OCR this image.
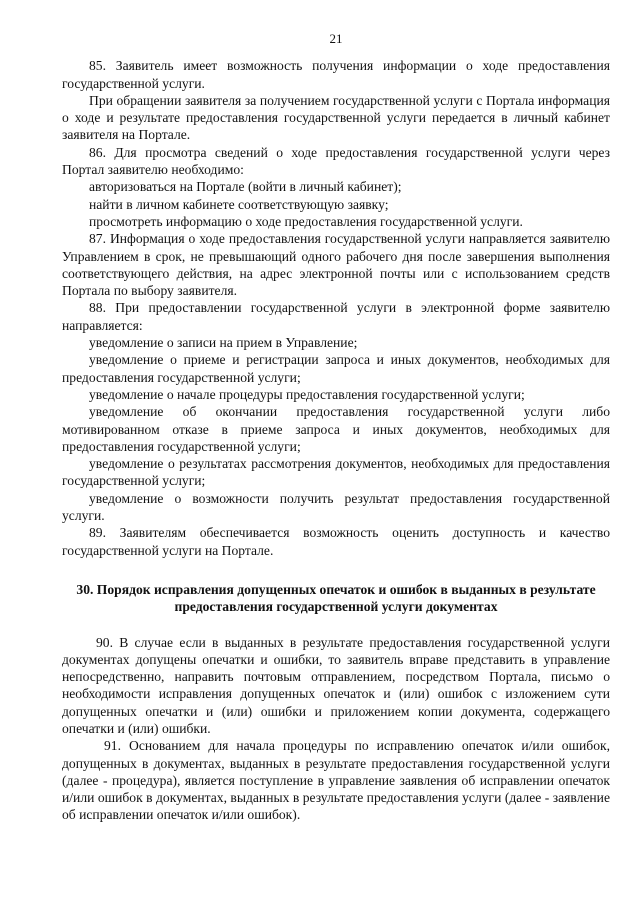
21

85. Заявитель имеет возможность получения информации о ходе предоставления государственной услуги.

При обращении заявителя за получением государственной услуги с Портала информация о ходе и результате предоставления государственной услуги передается в личный кабинет заявителя на Портале.

86. Для просмотра сведений о ходе предоставления государственной услуги через Портал заявителю необходимо:

авторизоваться на Портале (войти в личный кабинет);

найти в личном кабинете соответствующую заявку;

просмотреть информацию о ходе предоставления государственной услуги.

87. Информация о ходе предоставления государственной услуги направляется заявителю Управлением в срок, не превышающий одного рабочего дня после завершения выполнения соответствующего действия, на адрес электронной почты или с использованием средств Портала по выбору заявителя.

88. При предоставлении государственной услуги в электронной форме заявителю направляется:

уведомление о записи на прием в Управление;

уведомление о приеме и регистрации запроса и иных документов, необходимых для предоставления государственной услуги;

уведомление о начале процедуры предоставления государственной услуги;

уведомление об окончании предоставления государственной услуги либо мотивированном отказе в приеме запроса и иных документов, необходимых для предоставления государственной услуги;

уведомление о результатах рассмотрения документов, необходимых для предоставления государственной услуги;

уведомление о возможности получить результат предоставления государственной услуги.

89. Заявителям обеспечивается возможность оценить доступность и качество государственной услуги на Портале.

30. Порядок исправления допущенных опечаток и ошибок в выданных в результате предоставления государственной услуги документах

90. В случае если в выданных в результате предоставления государственной услуги документах допущены опечатки и ошибки, то заявитель вправе представить в управление непосредственно, направить почтовым отправлением, посредством Портала, письмо о необходимости исправления допущенных опечаток и (или) ошибок с изложением сути допущенных опечатки и (или) ошибки и приложением копии документа, содержащего опечатки и (или) ошибки.

91. Основанием для начала процедуры по исправлению опечаток и/или ошибок, допущенных в документах, выданных в результате предоставления государственной услуги (далее - процедура), является поступление в управление заявления об исправлении опечаток и/или ошибок в документах, выданных в результате предоставления услуги (далее - заявление об исправлении опечаток и/или ошибок).
